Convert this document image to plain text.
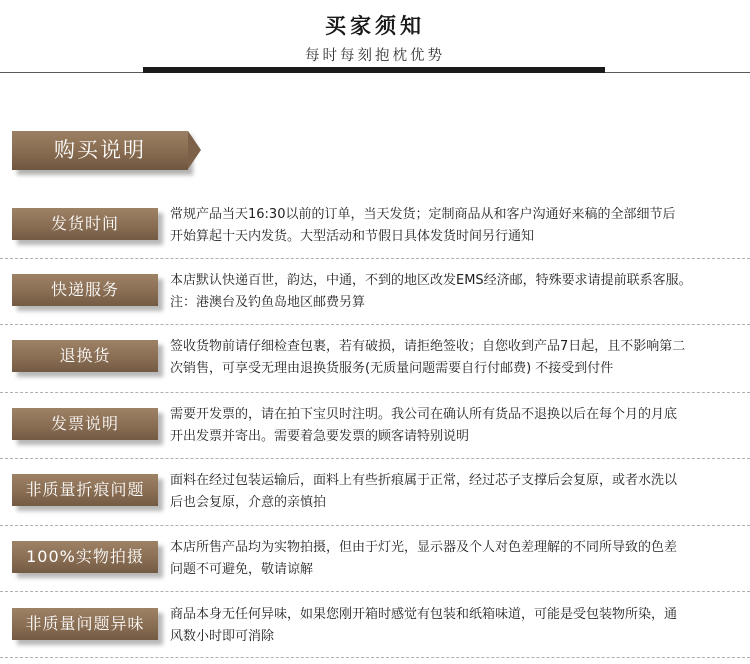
买家须知
每时每刻抱枕优势
购买说明
发货时间	常规产品当天16:30以前的订单，当天发货；定制商品从和客户沟通好来稿的全部细节后
开始算起十天内发货。大型活动和节假日具体发货时间另行通知
快递服务	本店默认快递百世，韵达，中通，不到的地区改发EMS经济邮，特殊要求请提前联系客服。
注：港澳台及钓鱼岛地区邮费另算
退换货	签收货物前请仔细检查包裹，若有破损，请拒绝签收；自您收到产品7日起，且不影响第二
次销售，可享受无理由退换货服务(无质量问题需要自行付邮费) 不接受到付件
发票说明	需要开发票的，请在拍下宝贝时注明。我公司在确认所有货品不退换以后在每个月的月底
开出发票并寄出。需要着急要发票的顾客请特别说明
非质量折痕问题	面料在经过包装运输后，面料上有些折痕属于正常，经过芯子支撑后会复原，或者水洗以
后也会复原，介意的亲慎拍
100%实物拍摄	本店所售产品均为实物拍摄，但由于灯光，显示器及个人对色差理解的不同所导致的色差
问题不可避免，敬请谅解
非质量问题异味	商品本身无任何异味，如果您刚开箱时感觉有包装和纸箱味道，可能是受包装物所染，通
风数小时即可消除
